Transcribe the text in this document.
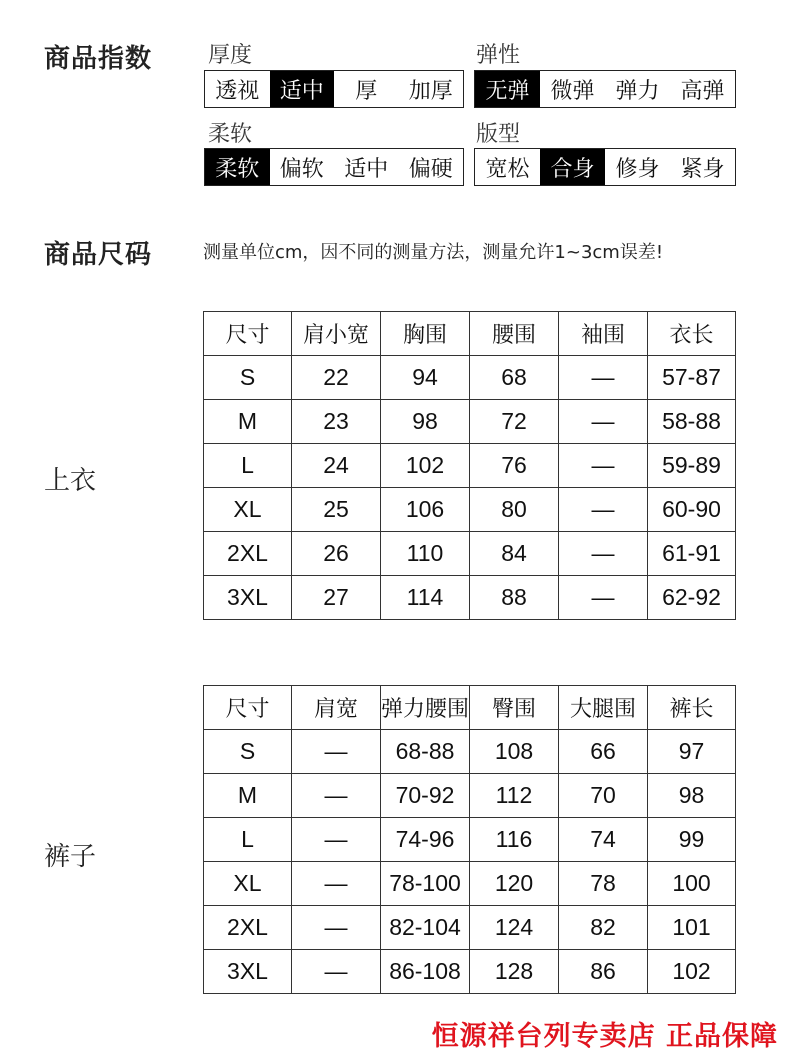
商品指数	厚度
透视 适中	厚	加厚
弹性
无弹 微弹 弹力 高弹
柔软
柔软 偏软 适中 偏硬
版型
宽松 合身 修身 紧身
商品尺码	测量单位cm，因不同的测量方法，测量允许1~3cm误差!
上衣
尺寸	肩小宽	胸围	腰围	袖围	衣长
S	22	94	68	—	57-87
M	23	98	72	—	58-88
L	24	102	76	—	59-89
XL	25	106	80	—	60-90
2XL	26	110	84	—	61-91
3XL	27	114	88	—	62-92
裤子
尺寸	肩宽	弹力腰围	臀围	大腿围	裤长
S	—	68-88	108	66	97
M	—	70-92	112	70	98
L	—	74-96	116	74	99
XL	—	78-100	120	78	100
2XL	—	82-104	124	82	101
3XL	—	86-108	128	86	102
恒源祥台列专卖店 正品保障
